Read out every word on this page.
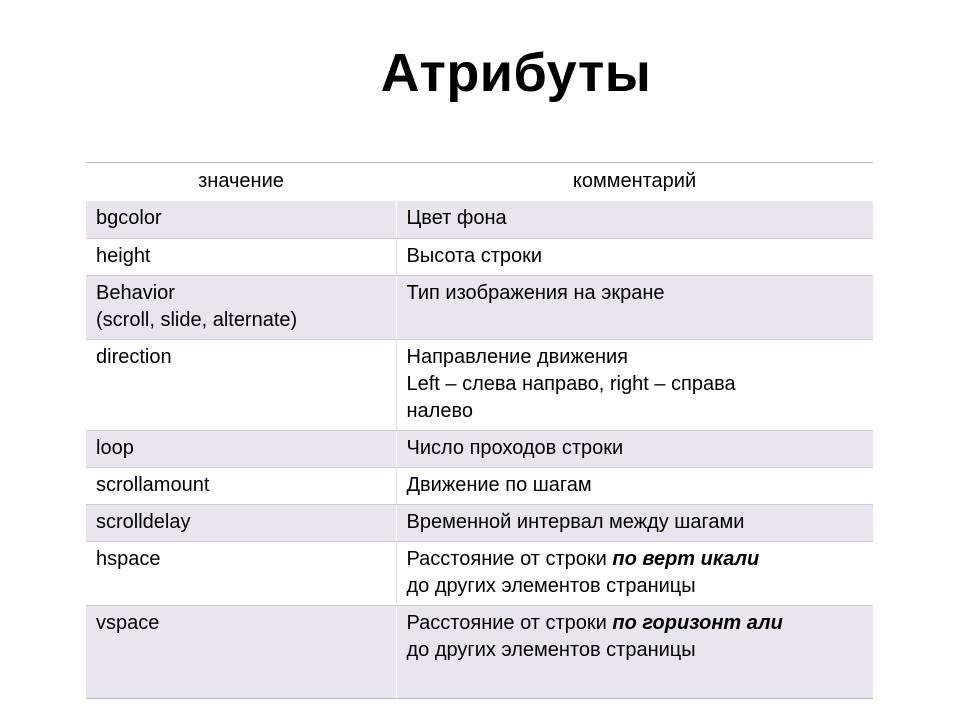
Атрибуты
значение	комментарий

bgcolor	Цвет фона

height	Высота строки

Behavior
(scroll, slide, alternate)	Тип изображения на экране

direction	Направление движения
Left – слева направо, right – справа
налево

loop	Число проходов строки

scrollamount	Движение по шагам

scrolldelay	Временной интервал между шагами

hspace	Расстояние от строки по верт икали
до других элементов страницы

vspace	Расстояние от строки по горизонт али
до других элементов страницы
